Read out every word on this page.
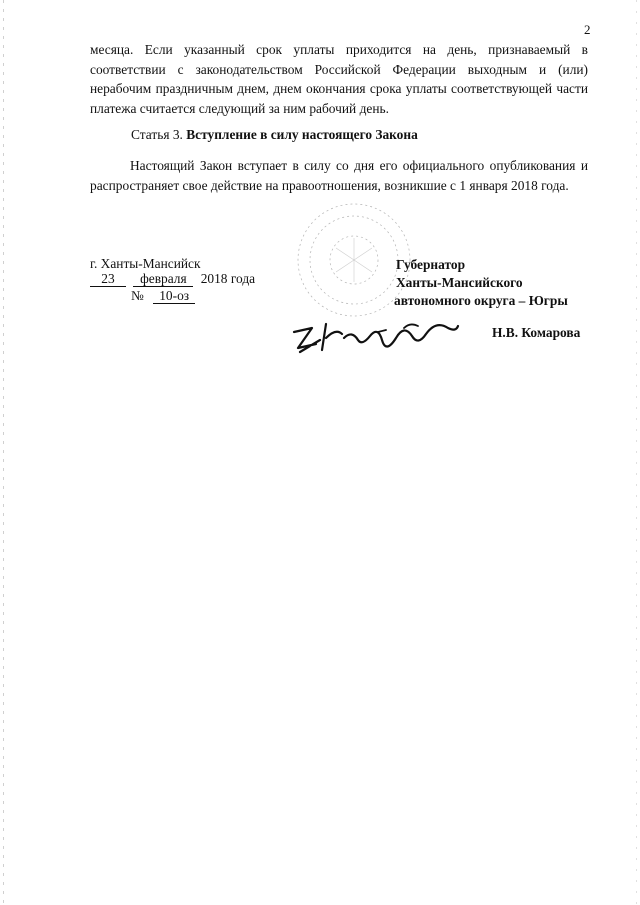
2
месяца. Если указанный срок уплаты приходится на день, признаваемый в соответствии с законодательством Российской Федерации выходным и (или) нерабочим праздничным днем, днем окончания срока уплаты соответствующей части платежа считается следующий за ним рабочий день.
Статья 3. Вступление в силу настоящего Закона
Настоящий Закон вступает в силу со дня его официального опубликования и распространяет свое действие на правоотношения, возникшие с 1 января 2018 года.
г. Ханты-Мансийск
23 февраля 2018 года
№ 10-оз
Губернатор
Ханты-Мансийского
автономного округа – Югры
Н.В. Комарова
